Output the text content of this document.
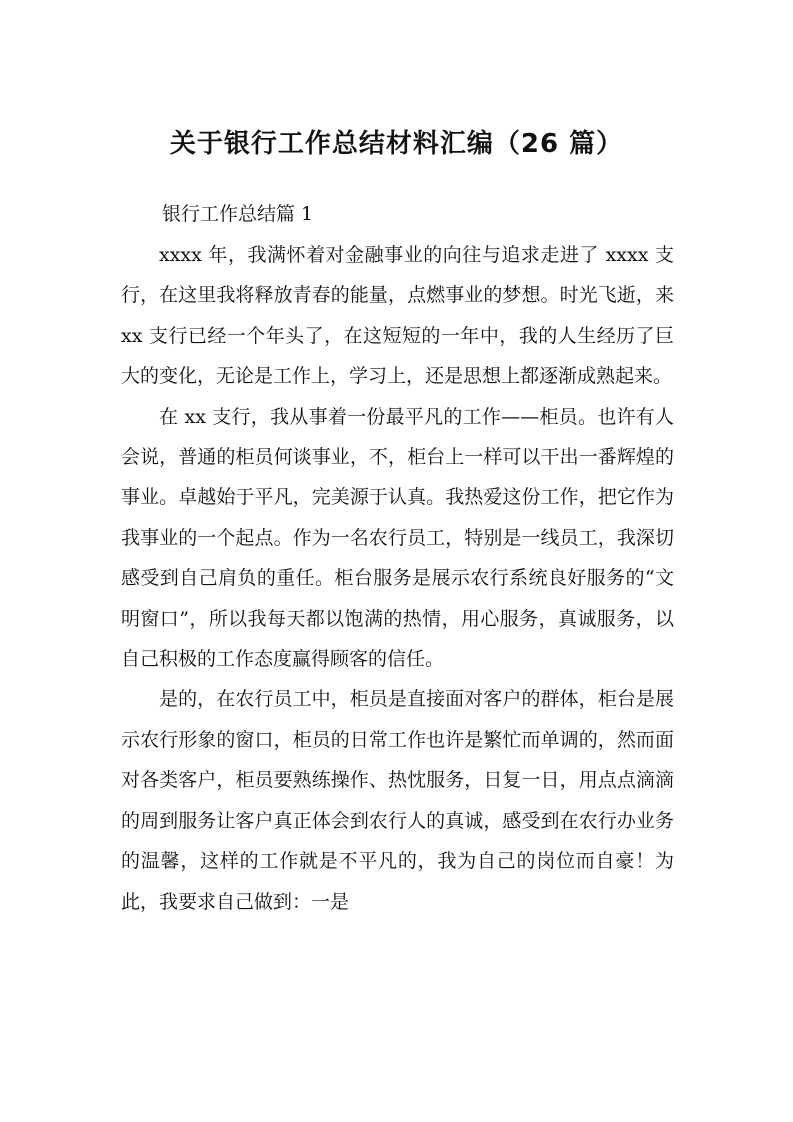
关于银行工作总结材料汇编（26 篇）
银行工作总结篇 1

xxxx 年，我满怀着对金融事业的向往与追求走进了 xxxx 支行，在这里我将释放青春的能量，点燃事业的梦想。时光飞逝，来 xx 支行已经一个年头了，在这短短的一年中，我的人生经历了巨大的变化，无论是工作上，学习上，还是思想上都逐渐成熟起来。

在 xx 支行，我从事着一份最平凡的工作——柜员。也许有人会说，普通的柜员何谈事业，不，柜台上一样可以干出一番辉煌的事业。卓越始于平凡，完美源于认真。我热爱这份工作，把它作为我事业的一个起点。作为一名农行员工，特别是一线员工，我深切感受到自己肩负的重任。柜台服务是展示农行系统良好服务的“文明窗口”，所以我每天都以饱满的热情，用心服务，真诚服务，以自己积极的工作态度赢得顾客的信任。

是的，在农行员工中，柜员是直接面对客户的群体，柜台是展示农行形象的窗口，柜员的日常工作也许是繁忙而单调的，然而面对各类客户，柜员要熟练操作、热忱服务，日复一日，用点点滴滴的周到服务让客户真正体会到农行人的真诚，感受到在农行办业务的温馨，这样的工作就是不平凡的，我为自己的岗位而自豪！为此，我要求自己做到：一是
